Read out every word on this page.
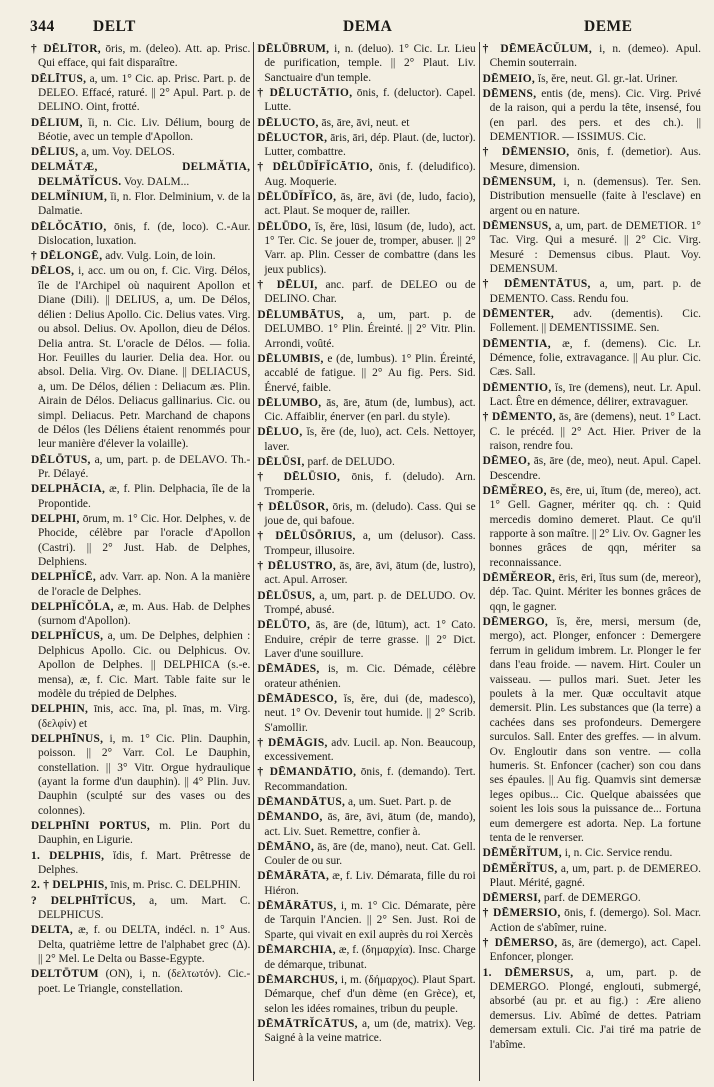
344 DELT	DEMA	DEME

† DĒLĪTOR, ōris, m. (deleo). Att. ap. Prisc. Qui efface, qui fait disparaître.

DĒLĪTUS, a, um. 1° Cic. ap. Prisc. Part. p. de DELEO. Effacé, raturé. || 2° Apul. Part. p. de DELINO. Oint, frotté.

DĒLIUM, ĭi, n. Cic. Liv. Délium, bourg de Béotie, avec un temple d'Apollon.

DĒLIUS, a, um. Voy. DELOS.

DELMĂTÆ, DELMĂTIA, DELMĂTĬCUS. Voy. DALM...

DELMĬNIUM, ĭi, n. Flor. Delminium, v. de la Dalmatie.

DĒLŎCĀTIO, ōnis, f. (de, loco). C.-Aur. Dislocation, luxation.

† DĒLONGĒ, adv. Vulg. Loin, de loin.

DĒLOS, i, acc. um ou on, f. Cic. Virg. Délos, île de l'Archipel où naquirent Apollon et Diane (Dili). || DELIUS, a, um. De Délos, délien : Delius Apollo. Cic. Delius vates. Virg. ou absol. Delius. Ov. Apollon, dieu de Délos. Delia antra. St. L'oracle de Délos. — folia. Hor. Feuilles du laurier. Delia dea. Hor. ou absol. Delia. Virg. Ov. Diane. || DELIACUS, a, um. De Délos, délien : Deliacum æs. Plin. Airain de Délos. Deliacus gallinarius. Cic. ou simpl. Deliacus. Petr. Marchand de chapons de Délos (les Déliens étaient renommés pour leur manière d'élever la volaille).

DĒLŌTUS, a, um, part. p. de DELAVO. Th.-Pr. Délayé.

DELPHĀCIA, æ, f. Plin. Delphacia, île de la Propontide.

DELPHI, ōrum, m. 1° Cic. Hor. Delphes, v. de Phocide, célèbre par l'oracle d'Apollon (Castri). || 2° Just. Hab. de Delphes, Delphiens.

DELPHĬCĒ, adv. Varr. ap. Non. A la manière de l'oracle de Delphes.

DELPHĬCŎLA, æ, m. Aus. Hab. de Delphes (surnom d'Apollon).

DELPHĬCUS, a, um. De Delphes, delphien : Delphicus Apollo. Cic. ou Delphicus. Ov. Apollon de Delphes. || DELPHICA (s.-e. mensa), æ, f. Cic. Mart. Table faite sur le modèle du trépied de Delphes.

DELPHIN, īnis, acc. īna, pl. īnas, m. Virg. (δελφίν) et

DELPHĪNUS, i, m. 1° Cic. Plin. Dauphin, poisson. || 2° Varr. Col. Le Dauphin, constellation. || 3° Vitr. Orgue hydraulique (ayant la forme d'un dauphin). || 4° Plin. Juv. Dauphin (sculpté sur des vases ou des colonnes).

DELPHĪNI PORTUS, m. Plin. Port du Dauphin, en Ligurie.

1. DELPHIS, ĭdis, f. Mart. Prêtresse de Delphes.

2. † DELPHIS, īnis, m. Prisc. C. DELPHIN.

? DELPHĪTĬCUS, a, um. Mart. C. DELPHICUS.

DELTA, æ, f. ou DELTA, indécl. n. 1° Aus. Delta, quatrième lettre de l'alphabet grec (Δ). || 2° Mel. Le Delta ou Basse-Egypte.

DELTŌTUM (ON), i, n. (δελτωτόν). Cic.-poet. Le Triangle, constellation.

DĒLŪBRUM, i, n. (deluo). 1° Cic. Lr. Lieu de purification, temple. || 2° Plaut. Liv. Sanctuaire d'un temple.

† DĒLUCTĀTIO, ōnis, f. (deluctor). Capel. Lutte.

DĒLUCTO, ās, āre, āvi, neut. et

DĒLUCTOR, āris, āri, dép. Plaut. (de, luctor). Lutter, combattre.

† DĒLŪDĬFĬCĀTIO, ōnis, f. (deludifico). Aug. Moquerie.

DĒLŪDĬFĬCO, ās, āre, āvi (de, ludo, facio), act. Plaut. Se moquer de, railler.

DĒLŪDO, ĭs, ĕre, lūsi, lūsum (de, ludo), act. 1° Ter. Cic. Se jouer de, tromper, abuser. || 2° Varr. ap. Plin. Cesser de combattre (dans les jeux publics).

† DĒLUI, anc. parf. de DELEO ou de DELINO. Char.

DĒLUMBĀTUS, a, um, part. p. de DELUMBO. 1° Plin. Éreinté. || 2° Vitr. Plin. Arrondi, voûté.

DĒLUMBIS, e (de, lumbus). 1° Plin. Éreinté, accablé de fatigue. || 2° Au fig. Pers. Sid. Énervé, faible.

DĒLUMBO, ās, āre, ātum (de, lumbus), act. Cic. Affaiblir, énerver (en parl. du style).

DĒLUO, ĭs, ĕre (de, luo), act. Cels. Nettoyer, laver.

DĒLŪSI, parf. de DELUDO.

† DĒLŪSIO, ōnis, f. (deludo). Arn. Tromperie.

† DĒLŪSOR, ōris, m. (deludo). Cass. Qui se joue de, qui bafoue.

† DĒLŪSŌRIUS, a, um (delusor). Cass. Trompeur, illusoire.

† DĒLUSTRO, ās, āre, āvi, ātum (de, lustro), act. Apul. Arroser.

DĒLŪSUS, a, um, part. p. de DELUDO. Ov. Trompé, abusé.

DĒLŪTO, ās, āre (de, lūtum), act. 1° Cato. Enduire, crépir de terre grasse. || 2° Dict. Laver d'une souillure.

DĒMĀDES, is, m. Cic. Démade, célèbre orateur athénien.

DĒMĀDESCO, ĭs, ĕre, dui (de, madesco), neut. 1° Ov. Devenir tout humide. || 2° Scrib. S'amollir.

† DĒMĀGIS, adv. Lucil. ap. Non. Beaucoup, excessivement.

† DĒMANDĀTIO, ōnis, f. (demando). Tert. Recommandation.

DĒMANDĀTUS, a, um. Suet. Part. p. de

DĒMANDO, ās, āre, āvi, ātum (de, mando), act. Liv. Suet. Remettre, confier à.

DĒMĀNO, ās, āre (de, mano), neut. Cat. Gell. Couler de ou sur.

DĒMĀRĀTA, æ, f. Liv. Démarata, fille du roi Hiéron.

DĒMĀRĀTUS, i, m. 1° Cic. Démarate, père de Tarquin l'Ancien. || 2° Sen. Just. Roi de Sparte, qui vivait en exil auprès du roi Xercès

DĒMARCHIA, æ, f. (δημαρχία). Insc. Charge de démarque, tribunat.

DĒMARCHUS, i, m. (δήμαρχος). Plaut Spart. Démarque, chef d'un dème (en Grèce), et, selon les idées romaines, tribun du peuple.

DĒMĀTRĬCĀTUS, a, um (de, matrix). Veg. Saigné à la veine matrice.

† DĒMEĀCŬLUM, i, n. (demeo). Apul. Chemin souterrain.

DĒMEIO, ĭs, ĕre, neut. Gl. gr.-lat. Uriner.

DĒMENS, entis (de, mens). Cic. Virg. Privé de la raison, qui a perdu la tête, insensé, fou (en parl. des pers. et des ch.). || DEMENTIOR. — ISSIMUS. Cic.

† DĒMENSIO, ōnis, f. (demetior). Aus. Mesure, dimension.

DĒMENSUM, i, n. (demensus). Ter. Sen. Distribution mensuelle (faite à l'esclave) en argent ou en nature.

DĒMENSUS, a, um, part. de DEMETIOR. 1° Tac. Virg. Qui a mesuré. || 2° Cic. Virg. Mesuré : Demensus cibus. Plaut. Voy. DEMENSUM.

† DĒMENTĀTUS, a, um, part. p. de DEMENTO. Cass. Rendu fou.

DĒMENTER, adv. (dementis). Cic. Follement. || DEMENTISSIME. Sen.

DĒMENTIA, æ, f. (demens). Cic. Lr. Démence, folie, extravagance. || Au plur. Cic. Cæs. Sall.

DĒMENTIO, ĭs, īre (demens), neut. Lr. Apul. Lact. Être en démence, délirer, extravaguer.

† DĒMENTO, ās, āre (demens), neut. 1° Lact. C. le précéd. || 2° Act. Hier. Priver de la raison, rendre fou.

DĒMEO, ās, āre (de, meo), neut. Apul. Capel. Descendre.

DĒMĔREO, ēs, ēre, ui, ĭtum (de, mereo), act. 1° Gell. Gagner, mériter qq. ch. : Quid mercedis domino demeret. Plaut. Ce qu'il rapporte à son maître. || 2° Liv. Ov. Gagner les bonnes grâces de qqn, mériter sa reconnaissance.

DĒMĔREOR, ēris, ēri, ĭtus sum (de, mereor), dép. Tac. Quint. Mériter les bonnes grâces de qqn, le gagner.

DĒMERGO, ĭs, ĕre, mersi, mersum (de, mergo), act. Plonger, enfoncer : Demergere ferrum in gelidum imbrem. Lr. Plonger le fer dans l'eau froide. — navem. Hirt. Couler un vaisseau. — pullos mari. Suet. Jeter les poulets à la mer. Quæ occultavit atque demersit. Plin. Les substances que (la terre) a cachées dans ses profondeurs. Demergere surculos. Sall. Enter des greffes. — in alvum. Ov. Engloutir dans son ventre. — colla humeris. St. Enfoncer (cacher) son cou dans ses épaules. || Au fig. Quamvis sint demersæ leges opibus... Cic. Quelque abaissées que soient les lois sous la puissance de... Fortuna eum demergere est adorta. Nep. La fortune tenta de le renverser.

DĒMĔRĬTUM, i, n. Cic. Service rendu.

DĒMĔRĬTUS, a, um, part. p. de DEMEREO. Plaut. Mérité, gagné.

DĒMERSI, parf. de DEMERGO.

† DĒMERSIO, ōnis, f. (demergo). Sol. Macr. Action de s'abîmer, ruine.

† DĒMERSO, ās, āre (demergo), act. Capel. Enfoncer, plonger.

1. DĒMERSUS, a, um, part. p. de DEMERGO. Plongé, englouti, submergé, absorbé (au pr. et au fig.) : Ære alieno demersus. Liv. Abîmé de dettes. Patriam demersam extuli. Cic. J'ai tiré ma patrie de l'abîme.
